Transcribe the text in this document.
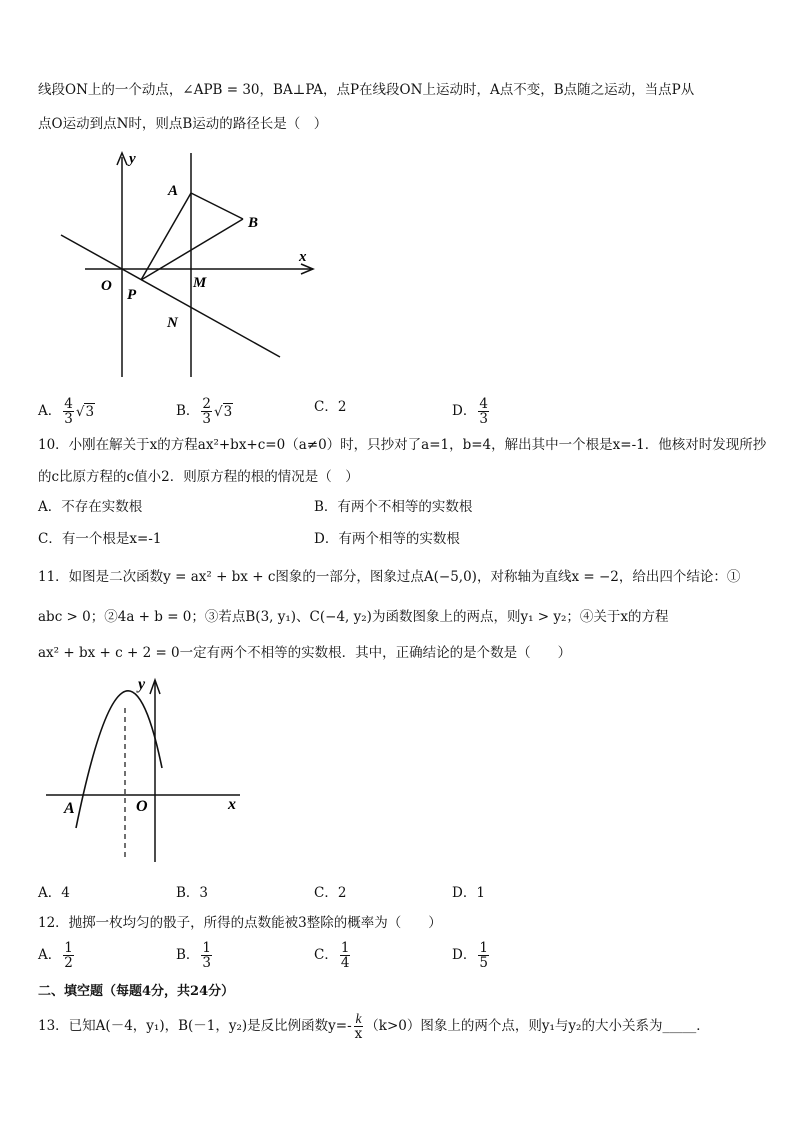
线段ON上的一个动点，∠APB = 30，BA⊥PA，点P在线段ON上运动时，A点不变，B点随之运动，当点P从
点O运动到点N时，则点B运动的路径长是（　）
y
A
B
x
O
P
M
N
A． $\frac{4}{3} √3$	B． $\frac{2}{3} √3$	C．2	D． $\frac{4}{3}$
10．小刚在解关于x的方程ax²+bx+c=0（a≠0）时，只抄对了a=1，b=4，解出其中一个根是x=-1．他核对时发现所抄
的c比原方程的c值小2．则原方程的根的情况是（　）
A．不存在实数根	B．有两个不相等的实数根
C．有一个根是x=-1	D．有两个相等的实数根
11．如图是二次函数y = ax² + bx + c图象的一部分，图象过点A(−5,0)，对称轴为直线x = −2，给出四个结论：①
abc > 0；②4a + b = 0；③若点B(3, y₁)、C(−4, y₂)为函数图象上的两点，则y₁ > y₂；④关于x的方程
ax² + bx + c + 2 = 0一定有两个不相等的实数根．其中，正确结论的是个数是（　　）
y
x
A	O
A．4	B．3	C．2	D．1
12．抛掷一枚均匀的骰子，所得的点数能被3整除的概率为（　　）
A． $\frac{1}{2}$	B． $\frac{1}{3}$	C． $\frac{1}{4}$	D． $\frac{1}{5}$
二、填空题（每题4分，共24分）
13．已知A(－4，y₁)，B(－1，y₂)是反比例函数$y=- \frac{k}{x} (k>0)$图象上的两个点，则y₁与y₂的大小关系为_____．
